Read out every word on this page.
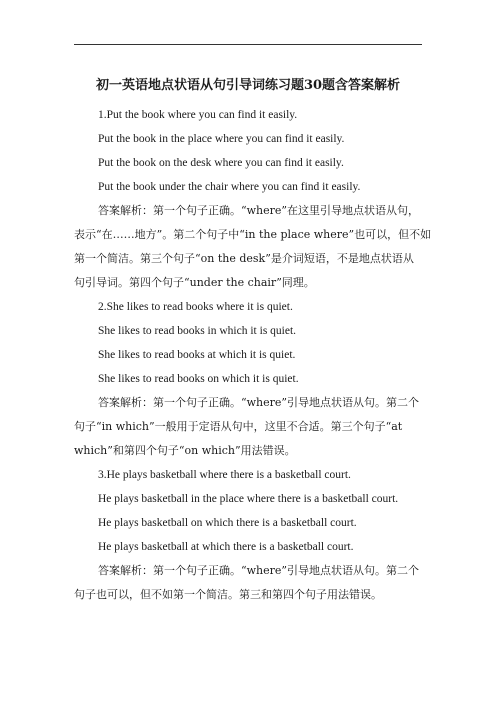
初一英语地点状语从句引导词练习题30题含答案解析
1.Put the book where you can find it easily.
Put the book in the place where you can find it easily.
Put the book on the desk where you can find it easily.
Put the book under the chair where you can find it easily.
答案解析：第一个句子正确。“where”在这里引导地点状语从句，
表示“在……地方”。第二个句子中“in the place where”也可以，但不如
第一个简洁。第三个句子“on the desk”是介词短语，不是地点状语从
句引导词。第四个句子“under the chair”同理。
2.She likes to read books where it is quiet.
She likes to read books in which it is quiet.
She likes to read books at which it is quiet.
She likes to read books on which it is quiet.
答案解析：第一个句子正确。“where”引导地点状语从句。第二个
句子“in which”一般用于定语从句中，这里不合适。第三个句子“at
which”和第四个句子“on which”用法错误。
3.He plays basketball where there is a basketball court.
He plays basketball in the place where there is a basketball court.
He plays basketball on which there is a basketball court.
He plays basketball at which there is a basketball court.
答案解析：第一个句子正确。“where”引导地点状语从句。第二个
句子也可以，但不如第一个简洁。第三和第四个句子用法错误。
